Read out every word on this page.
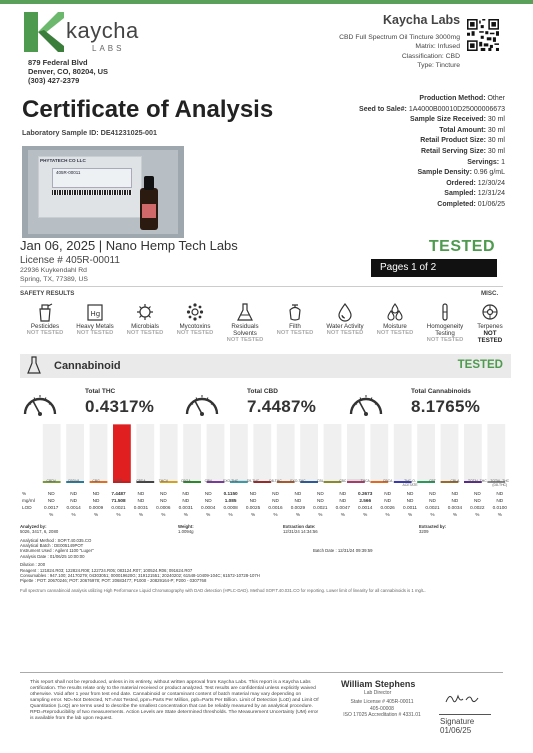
kaycha
LABS
879 Federal Blvd
Denver, CO, 80204, US
(303) 427-2379
Kaycha Labs
CBD Full Spectrum Oil Tincture 3000mg
Matrix: Infused
Classification: CBD
Type: Tincture
Certificate of Analysis
Laboratory Sample ID: DE41231025-001
Production Method: Other
Seed to Sale#: 1A4000B00010D25000006673
Sample Size Received: 30 ml
Total Amount: 30 ml
Retail Product Size: 30 ml
Retail Serving Size: 30 ml
Servings: 1
Sample Density: 0.96 g/mL
Ordered: 12/30/24
Sampled: 12/31/24
Completed: 01/06/25
PHYTATECH CO LLC
405R-00011
Jan 06, 2025 | Nano Hemp Tech Labs
License # 405R-00011
22936 Kuykendahl Rd
Spring, TX, 77389, US
TESTED
Pages 1 of 2
SAFETY RESULTS	MISC.
Pesticides
NOT TESTED
Hg
Heavy Metals
NOT TESTED
Microbials
NOT TESTED
Mycotoxins
NOT TESTED
Residuals Solvents
NOT TESTED
Filth
NOT TESTED
Water Activity
NOT TESTED
Moisture
NOT TESTED
Homogeneity Testing
NOT TESTED
Terpenes
NOT TESTED
Cannabinoid	TESTED
Total THC
0.4317%
Total CBD
7.4487%
Total Cannabinoids
8.1765%
%
mg/ml
LOD
CBDV
ND
ND
0.0017
%
CBDVA
ND
ND
0.0014
%
CBG
ND
ND
0.0009
%
CBD
7.4487
71.508
0.0021
%
CBDA
ND
ND
0.0031
%
THCV
ND
ND
0.0006
%
CBGA
ND
ND
0.0031
%
CBN
ND
ND
0.0004
%
EXO-THC
0.1150
1.085
0.0008
%
D9-THC
ND
ND
0.0025
%
D8-THC
ND
ND
0.0016
%
EXO-THC
ND
ND
0.0029
%
CBL
ND
ND
0.0021
%
CBC
ND
ND
0.0047
%
THCA
0.2673
2.566
0.0014
%
CBCA
ND
ND
0.0026
%
THC-O-ACETATE
ND
ND
0.0011
%
CBT
ND
ND
0.0021
%
CBLA
ND
ND
0.0034
%
TOTAL-THC
ND
ND
0.0022
%
TOTAL-THC (D8-THC)
ND
ND
0.0100
%
Analyzed by:
5026, 3417, 6, 2080
Weight:
1.0094g
Extraction date:
12/31/24 14:34:56
Extracted by:
3209
Analytical Method : SOP.T.40.035.CO
Analytical Batch : DE005149POT
Instrument Used : Agilent 1100 "Luger"
Analysis Date : 01/06/25 10:00:00
Batch Date : 12/31/24 09:39:59
Dilution : 200
Reagent : 121824.R03; 122824.R08; 122724.R05; 083124.R07; 100524.R06; 091624.R07
Consumables : 947.100; 24170279; 04303051; 000019620G; 319121551; 20240202; 61548-10409-104C; 61572-10728-107H
Pipette : POT: 20670246; POT: 20676978; POT: 20683477; P1000 - 20829164-P; P200 - 0307768
Full spectrum cannabinoid analysis utilizing High Performance Liquid Chromatography with DAD detection (HPLC-DAD). Method SOP.T.40.031.CO for reporting. Lower limit of linearity for all cannabinoids is 1 mg/L.
This report shall not be reproduced, unless in its entirety, without written approval from Kaycha Labs. This report is a Kaycha Labs certification. The results relate only to the material received or product analyzed. Test results are confidential unless explicitly waived otherwise. Void after 1 year from test end date. Cannabinoid or contaminant content of batch material may vary depending on sampling error. ND=Not Detected, NT=Not Tested, ppm=Parts Per Million, ppb=Parts Per Billion. Limit of Detection (LoD) and Limit Of Quantitation (LoQ) are terms used to describe the smallest concentration that can be reliably measured by an analytical procedure. RPD=Reproducibility of two measurements. Action Levels are State determined thresholds. The Measurement Uncertainty (UM) error is available from the lab upon request.
William Stephens
Lab Director
State License # 405R-00011
405-00008
ISO 17025 Accreditation # 4331.01
Signature
01/06/25
